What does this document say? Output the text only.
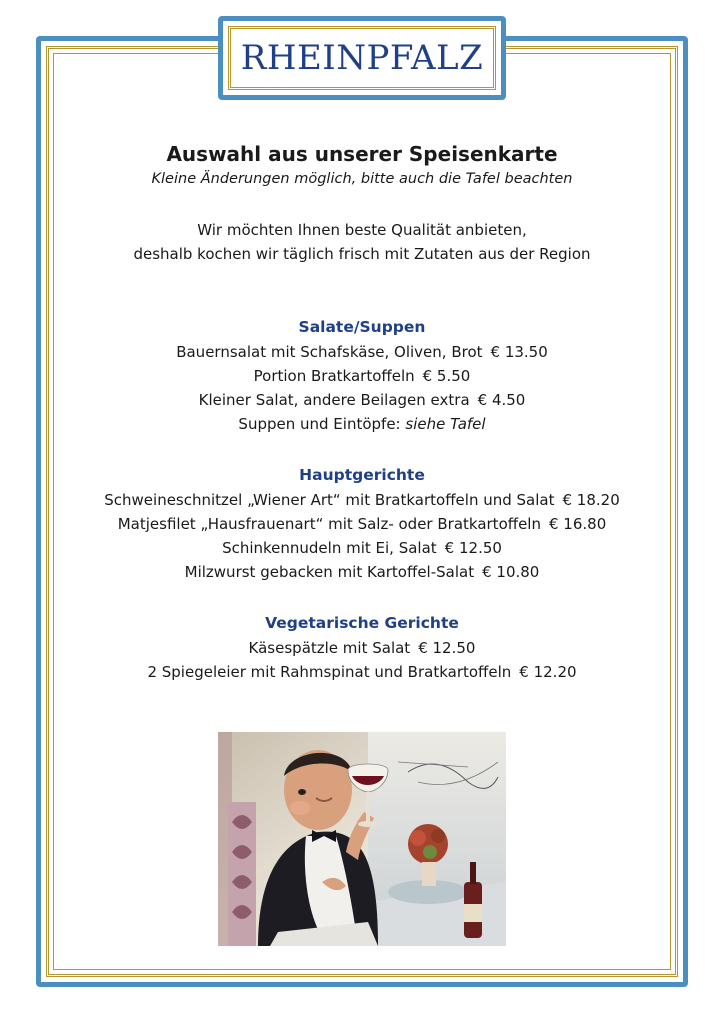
RHEINPFALZ

Auswahl aus unserer Speisenkarte

Kleine Änderungen möglich, bitte auch die Tafel beachten

Wir möchten Ihnen beste Qualität anbieten,
deshalb kochen wir täglich frisch mit Zutaten aus der Region
Salate/Suppen
Bauernsalat mit Schafskäse, Oliven, Brot € 13.50
Portion Bratkartoffeln € 5.50
Kleiner Salat, andere Beilagen extra € 4.50
Suppen und Eintöpfe: siehe Tafel
Hauptgerichte
Schweineschnitzel „Wiener Art“ mit Bratkartoffeln und Salat € 18.20
Matjesfilet „Hausfrauenart“ mit Salz- oder Bratkartoffeln € 16.80
Schinkennudeln mit Ei, Salat € 12.50
Milzwurst gebacken mit Kartoffel-Salat € 10.80
Vegetarische Gerichte
Käsespätzle mit Salat € 12.50
2 Spiegeleier mit Rahmspinat und Bratkartoffeln € 12.20
